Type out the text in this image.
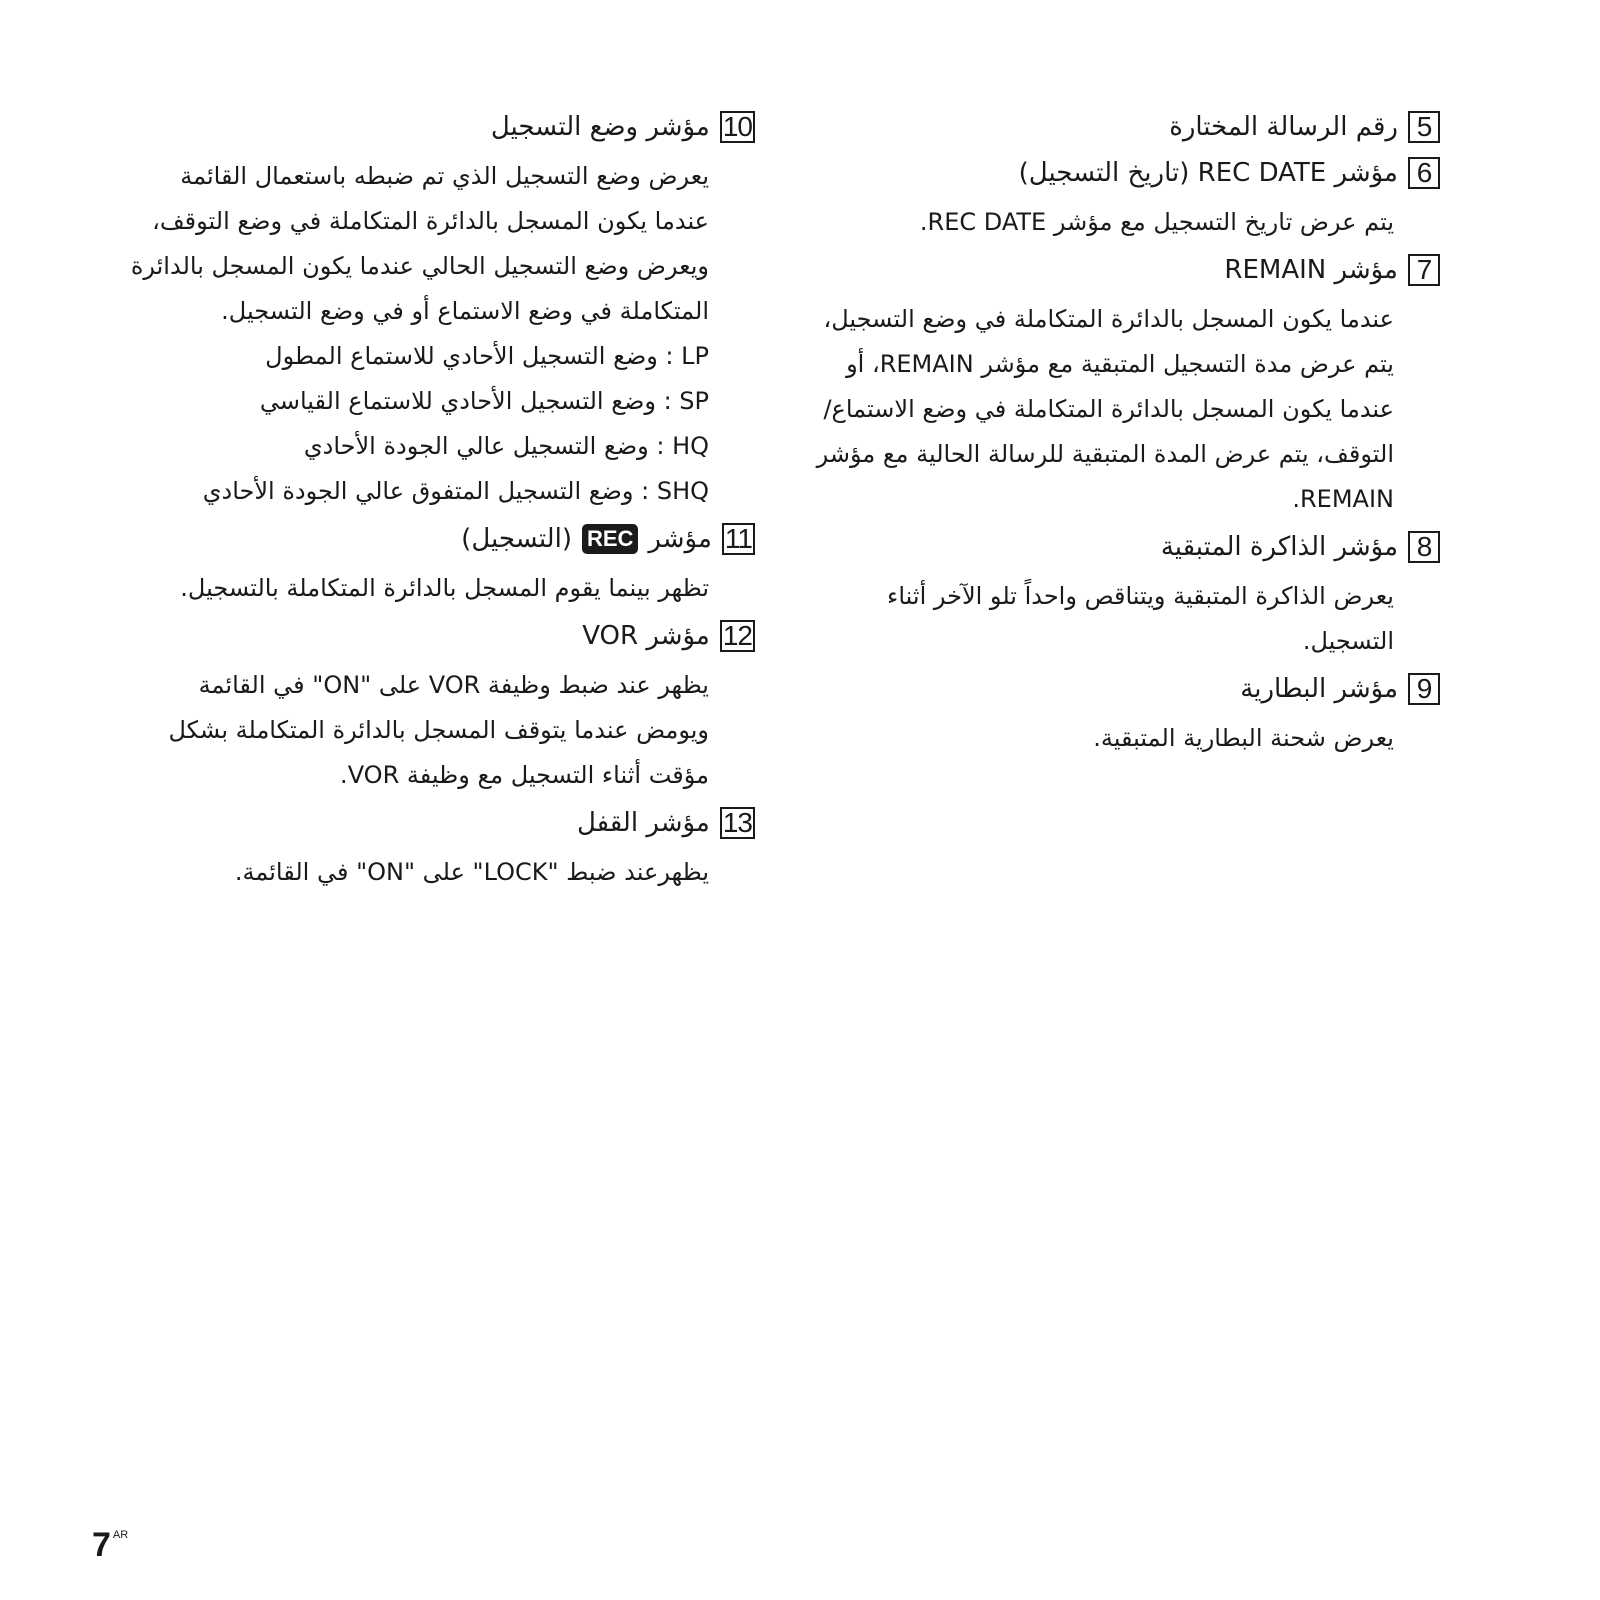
5
رقم الرسالة المختارة
6
مؤشر REC DATE (تاريخ التسجيل)
يتم عرض تاريخ التسجيل مع مؤشر REC DATE.
7
مؤشر REMAIN
عندما يكون المسجل بالدائرة المتكاملة في وضع التسجيل،
يتم عرض مدة التسجيل المتبقية مع مؤشر REMAIN، أو
عندما يكون المسجل بالدائرة المتكاملة في وضع الاستماع/
التوقف، يتم عرض المدة المتبقية للرسالة الحالية مع مؤشر
REMAIN.
8
مؤشر الذاكرة المتبقية
يعرض الذاكرة المتبقية ويتناقص واحداً تلو الآخر أثناء
التسجيل.
9
مؤشر البطارية
يعرض شحنة البطارية المتبقية.
10
مؤشر وضع التسجيل
يعرض وضع التسجيل الذي تم ضبطه باستعمال القائمة
عندما يكون المسجل بالدائرة المتكاملة في وضع التوقف،
ويعرض وضع التسجيل الحالي عندما يكون المسجل بالدائرة
المتكاملة في وضع الاستماع أو في وضع التسجيل.
LP : وضع التسجيل الأحادي للاستماع المطول
SP : وضع التسجيل الأحادي للاستماع القياسي
HQ : وضع التسجيل عالي الجودة الأحادي
SHQ : وضع التسجيل المتفوق عالي الجودة الأحادي
11
مؤشر
REC
(التسجيل)
تظهر بينما يقوم المسجل بالدائرة المتكاملة بالتسجيل.
12
مؤشر VOR
يظهر عند ضبط وظيفة VOR على "ON" في القائمة
ويومض عندما يتوقف المسجل بالدائرة المتكاملة بشكل
مؤقت أثناء التسجيل مع وظيفة VOR.
13
مؤشر القفل
يظهرعند ضبط "LOCK" على "ON" في القائمة.
7 $^{AR}$
